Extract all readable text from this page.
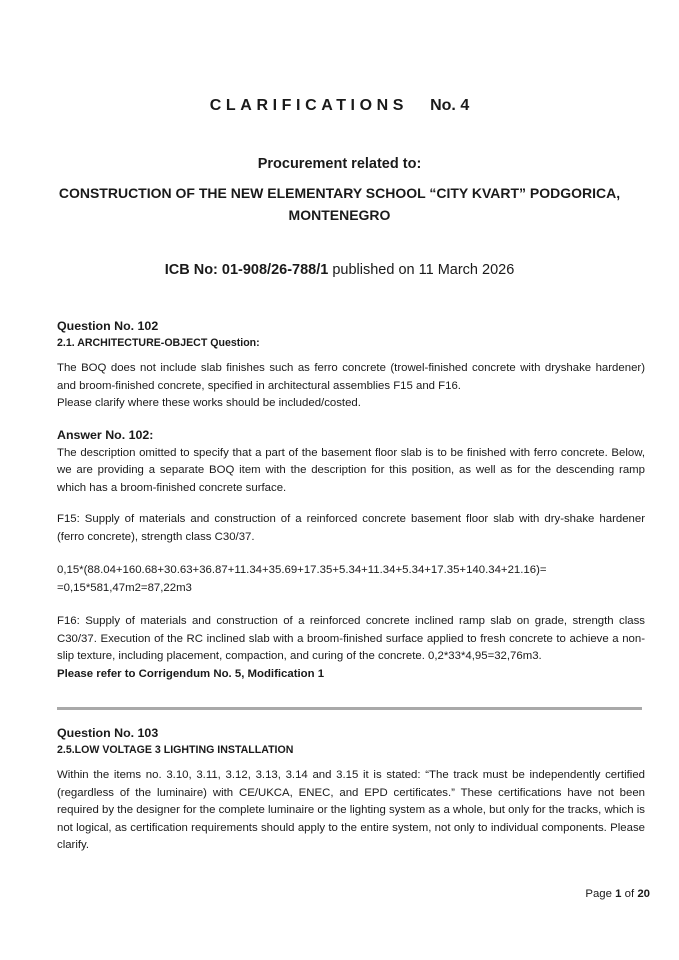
CLARIFICATIONS No. 4
Procurement related to:
CONSTRUCTION OF THE NEW ELEMENTARY SCHOOL “CITY KVART” PODGORICA,
MONTENEGRO
ICB No: 01-908/26-788/1 published on 11 March 2026
Question No. 102
2.1. ARCHITECTURE-OBJECT Question:

The BOQ does not include slab finishes such as ferro concrete (trowel-finished concrete with dryshake hardener) and broom-finished concrete, specified in architectural assemblies F15 and F16.

Please clarify where these works should be included/costed.

Answer No. 102:

The description omitted to specify that a part of the basement floor slab is to be finished with ferro concrete. Below, we are providing a separate BOQ item with the description for this position, as well as for the descending ramp which has a broom-finished concrete surface.

F15: Supply of materials and construction of a reinforced concrete basement floor slab with dry-shake hardener (ferro concrete), strength class C30/37.
0,15*(88.04+160.68+30.63+36.87+11.34+35.69+17.35+5.34+11.34+5.34+17.35+140.34+21.16)=
=0,15*581,47m2=87,22m3

F16: Supply of materials and construction of a reinforced concrete inclined ramp slab on grade, strength class C30/37. Execution of the RC inclined slab with a broom-finished surface applied to fresh concrete to achieve a non-slip texture, including placement, compaction, and curing of the concrete. 0,2*33*4,95=32,76m3.

Please refer to Corrigendum No. 5, Modification 1

Question No. 103
2.5.LOW VOLTAGE 3 LIGHTING INSTALLATION

Within the items no. 3.10, 3.11, 3.12, 3.13, 3.14 and 3.15 it is stated: “The track must be independently certified (regardless of the luminaire) with CE/UKCA, ENEC, and EPD certificates.” These certifications have not been required by the designer for the complete luminaire or the lighting system as a whole, but only for the tracks, which is not logical, as certification requirements should apply to the entire system, not only to individual components. Please clarify.

Page 1 of 20
